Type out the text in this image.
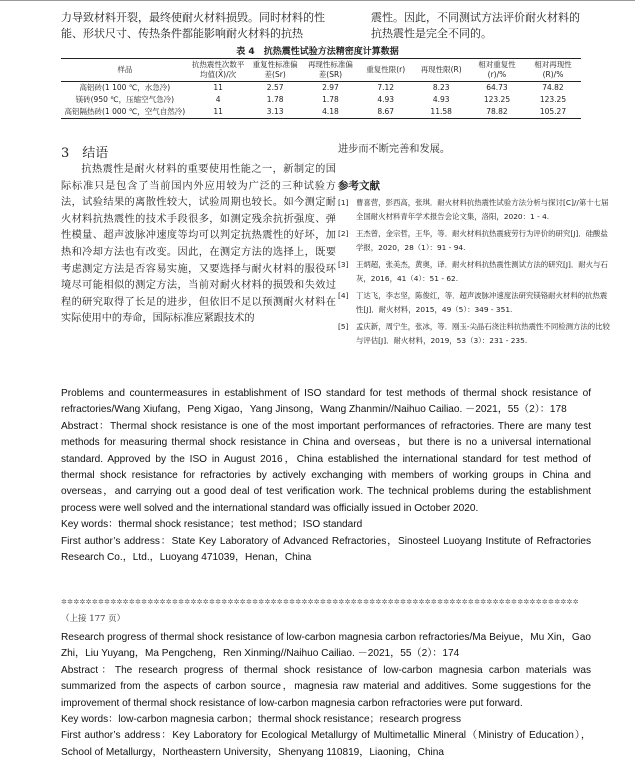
力导致材料开裂，最终使耐火材料损毁。同时材料的性能、形状尺寸、传热条件都能影响耐火材料的抗热
震性。因此，不同测试方法评价耐火材料的抗热震性是完全不同的。
表 4　抗热震性试验方法精密度计算数据
样品	抗热震性次数平均值(X̄)/次	重复性标准偏差(Sr)	再现性标准偏差(SR)	重复性限(r)	再现性限(R)	相对重复性(r)/%	相对再现性(R)/%
高铝砖(1 100 ℃，水急冷)	11	2.57	2.97	7.12	8.23	64.73	74.82
镁砖(950 ℃，压缩空气急冷)	4	1.78	1.78	4.93	4.93	123.25	123.25
高铝隔热砖(1 000 ℃，空气自然冷)	11	3.13	4.18	8.67	11.58	78.82	105.27
3　结语
抗热震性是耐火材料的重要使用性能之一，新制定的国际标准只是包含了当前国内外应用较为广泛的三种试验方法，试验结果的离散性较大，试验周期也较长。如今测定耐火材料抗热震性的技术手段很多，如测定残余抗折强度、弹性模量、超声波脉冲速度等均可以判定抗热震性的好坏，加热和冷却方法也有改变。因此，在测定方法的选择上，既要考虑测定方法是否容易实施，又要选择与耐火材料的服役环境尽可能相似的测定方法，当前对耐火材料的损毁和失效过程的研究取得了长足的进步，但依旧不足以预测耐火材料在实际使用中的寿命，国际标准应紧跟技术的
进步而不断完善和发展。
参考文献
[1] 曹喜营，彭西高，张琪．耐火材料抗热震性试验方法分析与探讨[C]//第十七届全国耐火材料青年学术报告会论文集，洛阳，2020：1 - 4.
[2] 王杰曾，金宗哲，王华，等．耐火材料抗热震疲劳行为评价的研究[J]．硅酸盐学报，2020，28（1）：91 - 94.
[3] 王炳超，张美杰，黄奥，译．耐火材料抗热震性测试方法的研究[J]．耐火与石灰，2016，41（4）：51 - 62.
[4] 丁达飞，李志坚，陈俊红，等．超声波脉冲速度法研究镁铬耐火材料的抗热震性[J]．耐火材料，2015，49（5）：349 - 351.
[5] 孟庆新，周宁生，张冰，等．刚玉-尖晶石浇注料抗热震性不同检测方法的比较与评估[J]．耐火材料，2019，53（3）：231 - 235.

Problems and countermeasures in establishment of ISO standard for test methods of thermal shock resistance of refractories/Wang Xiufang，Peng Xigao，Yang Jinsong，Wang Zhanmin//Naihuo Cailiao. －2021，55（2）：178

Abstract：Thermal shock resistance is one of the most important performances of refractories. There are many test methods for measuring thermal shock resistance in China and overseas，but there is no a universal international standard. Approved by the ISO in August 2016，China established the international standard for test method of thermal shock resistance for refractories by actively exchanging with members of working groups in China and overseas，and carrying out a good deal of test verification work. The technical problems during the establishment process were well solved and the international standard was officially issued in October 2020.

Key words：thermal shock resistance；test method；ISO standard

First author’s address：State Key Laboratory of Advanced Refractories，Sinosteel Luoyang Institute of Refractories Research Co.，Ltd.，Luoyang 471039，Henan，China

✲✲✲✲✲✲✲✲✲✲✲✲✲✲✲✲✲✲✲✲✲✲✲✲✲✲✲✲✲✲✲✲✲✲✲✲✲✲✲✲✲✲✲✲✲✲✲✲✲✲✲✲✲✲✲✲✲✲✲✲✲✲✲✲✲✲✲✲✲✲✲✲✲✲✲✲✲✲✲✲✲✲✲✲
（上接 177 页）

Research progress of thermal shock resistance of low-carbon magnesia carbon refractories/Ma Beiyue，Mu Xin，Gao Zhi，Liu Yuyang，Ma Pengcheng，Ren Xinming//Naihuo Cailiao. －2021，55（2）：174

Abstract：The research progress of thermal shock resistance of low-carbon magnesia carbon materials was summarized from the aspects of carbon source，magnesia raw material and additives. Some suggestions for the improvement of thermal shock resistance of low-carbon magnesia carbon refractories were put forward.

Key words：low-carbon magnesia carbon；thermal shock resistance；research progress

First author’s address：Key Laboratory for Ecological Metallurgy of Multimetallic Mineral（Ministry of Education），School of Metallurgy，Northeastern University，Shenyang 110819，Liaoning，China
